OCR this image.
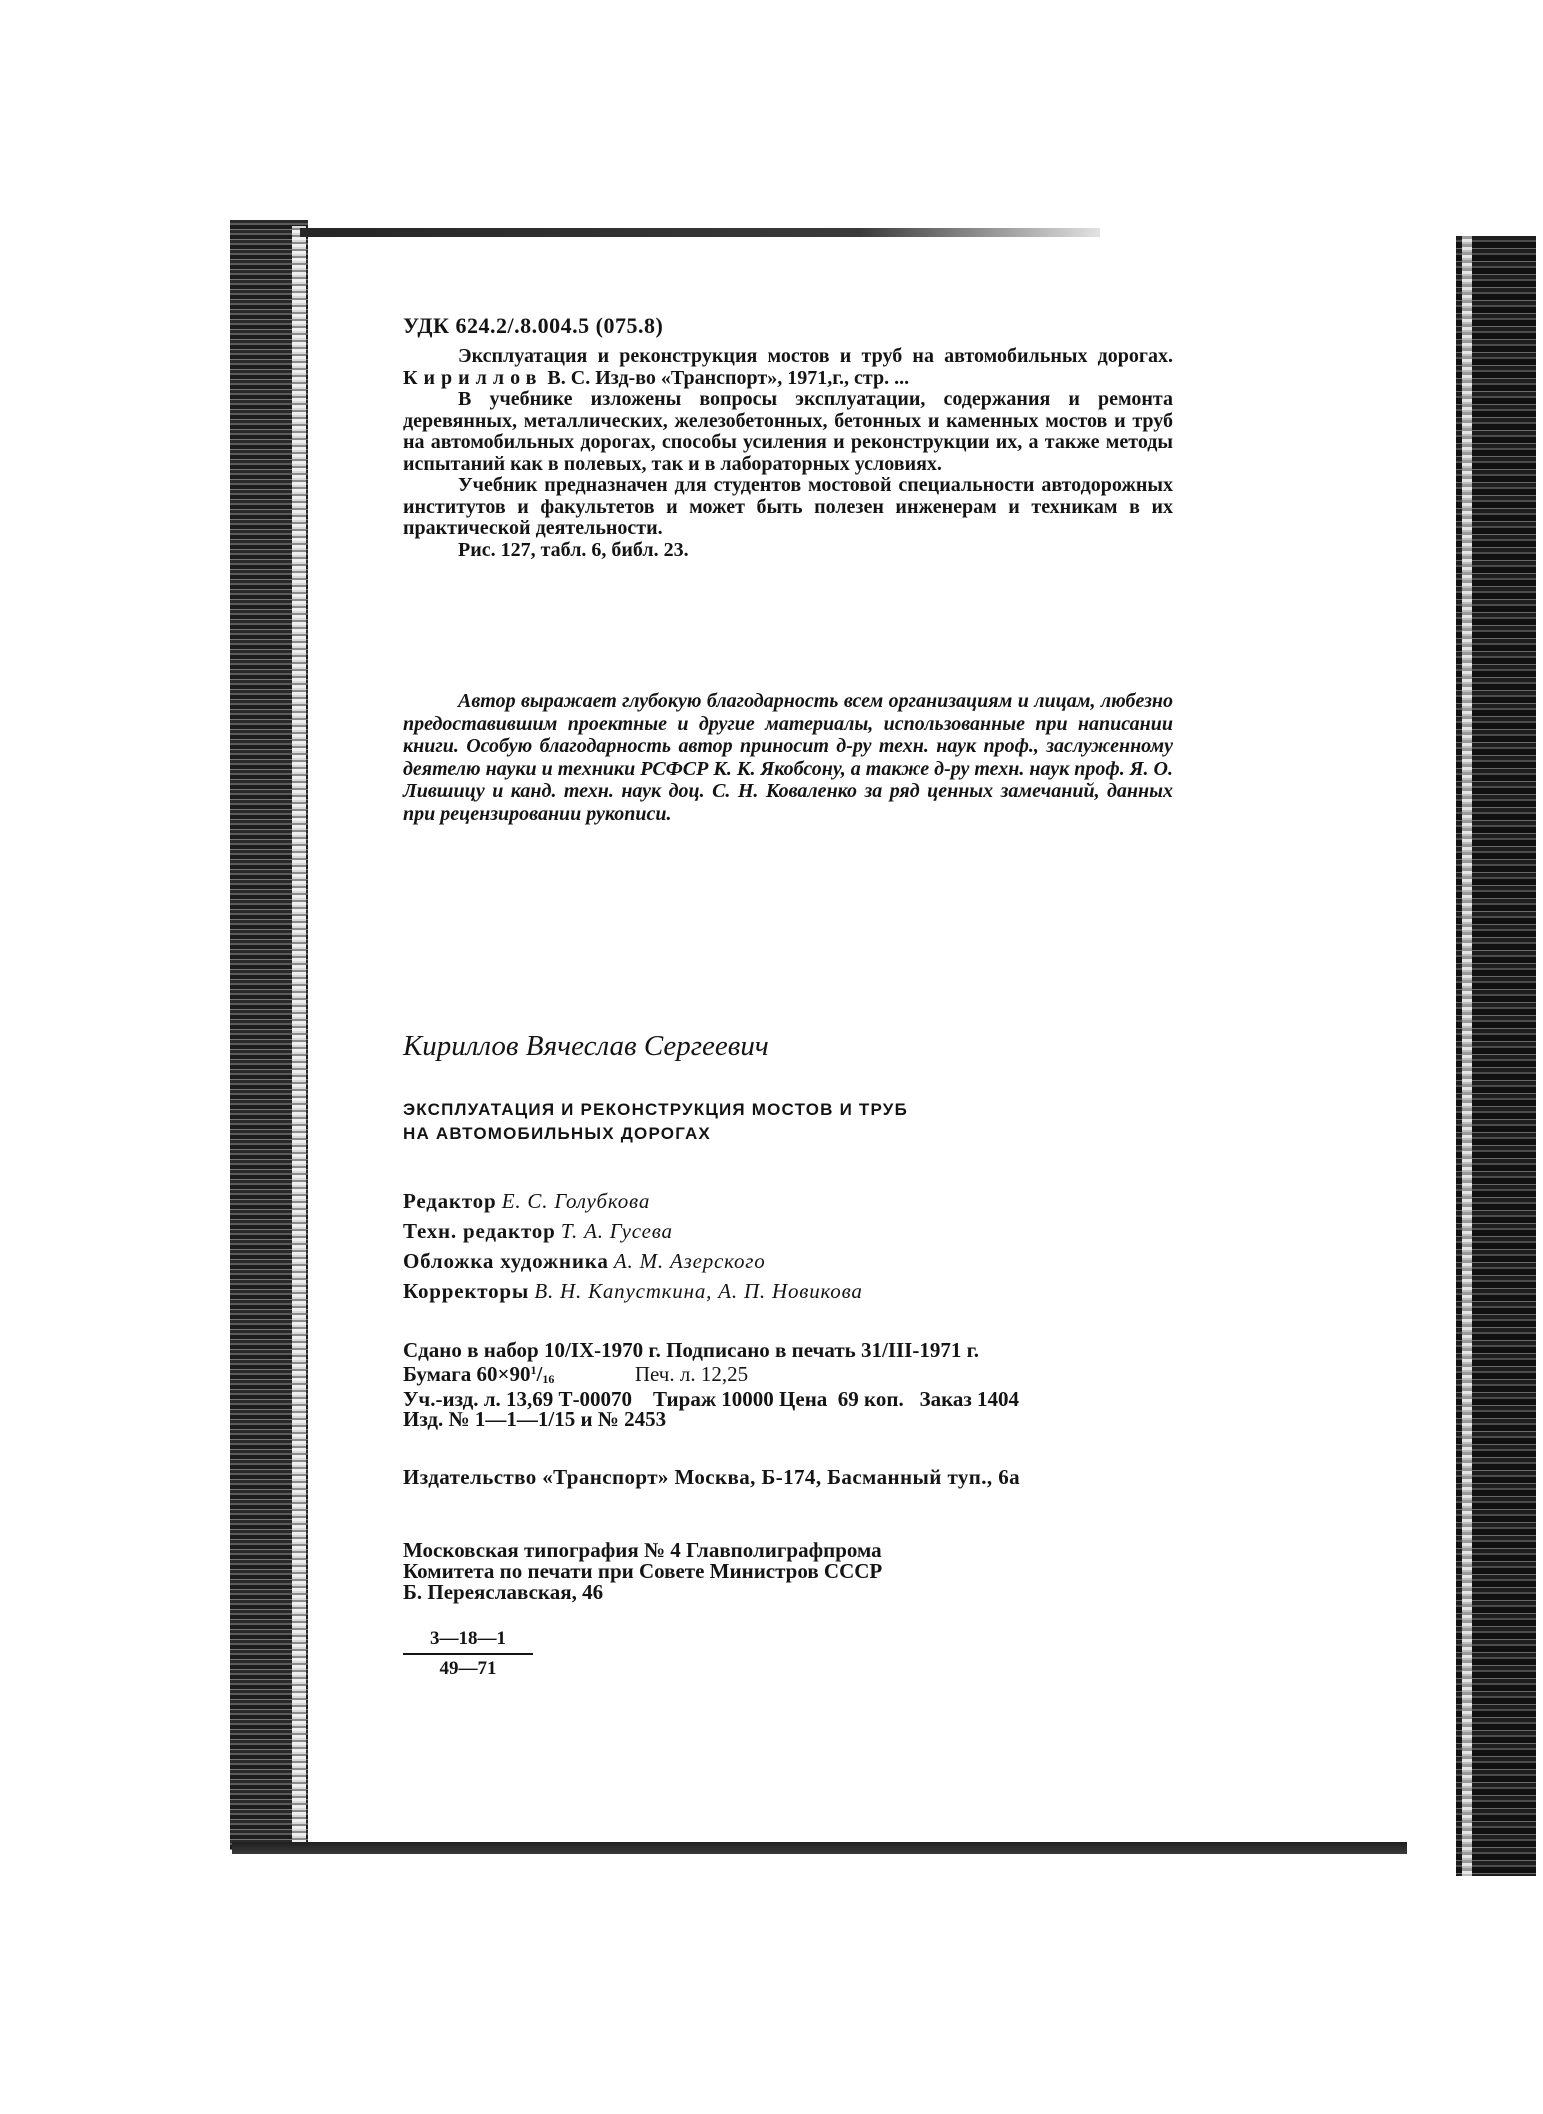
УДК 624.2/.8.004.5 (075.8)

Эксплуатация и реконструкция мостов и труб на автомобильных дорогах. Кириллов В. С. Изд-во «Транспорт», 1971,г., стр. ...

В учебнике изложены вопросы эксплуатации, содержания и ремонта деревянных, металлических, железобетонных, бетонных и каменных мостов и труб на автомобильных дорогах, способы усиления и реконструкции их, а также методы испытаний как в полевых, так и в лабораторных условиях.

Учебник предназначен для студентов мостовой специальности автодорожных институтов и факультетов и может быть полезен инженерам и техникам в их практической деятельности.

Рис. 127, табл. 6, библ. 23.

Автор выражает глубокую благодарность всем организациям и лицам, любезно предоставившим проектные и другие материалы, использованные при написании книги. Особую благодарность автор приносит д-ру техн. наук проф., заслуженному деятелю науки и техники РСФСР К. К. Якобсону, а также д-ру техн. наук проф. Я. О. Лившицу и канд. техн. наук доц. С. Н. Коваленко за ряд ценных замечаний, данных при рецензировании рукописи.

Кириллов Вячеслав Сергеевич
ЭКСПЛУАТАЦИЯ И РЕКОНСТРУКЦИЯ МОСТОВ И ТРУБ
НА АВТОМОБИЛЬНЫХ ДОРОГАХ
Редактор Е. С. Голубкова
Техн. редактор Т. А. Гусева
Обложка художника А. М. Азерского
Корректоры В. Н. Капусткина, А. П. Новикова
Сдано в набор 10/IX-1970 г. Подписано в печать 31/III-1971 г.
Бумага $60\times 90^1/_{16}$	Печ. л. 12,25
Уч.-изд. л. 13,69 Т-00070    Тираж 10000 Цена  69 коп.   Заказ 1404
Изд. № 1—1—1/15 и № 2453
Издательство «Транспорт» Москва, Б-174, Басманный туп., 6а
Московская типография № 4 Главполиграфпрома
Комитета по печати при Совете Министров СССР
Б. Переяславская, 46
3—18—1
49—71
